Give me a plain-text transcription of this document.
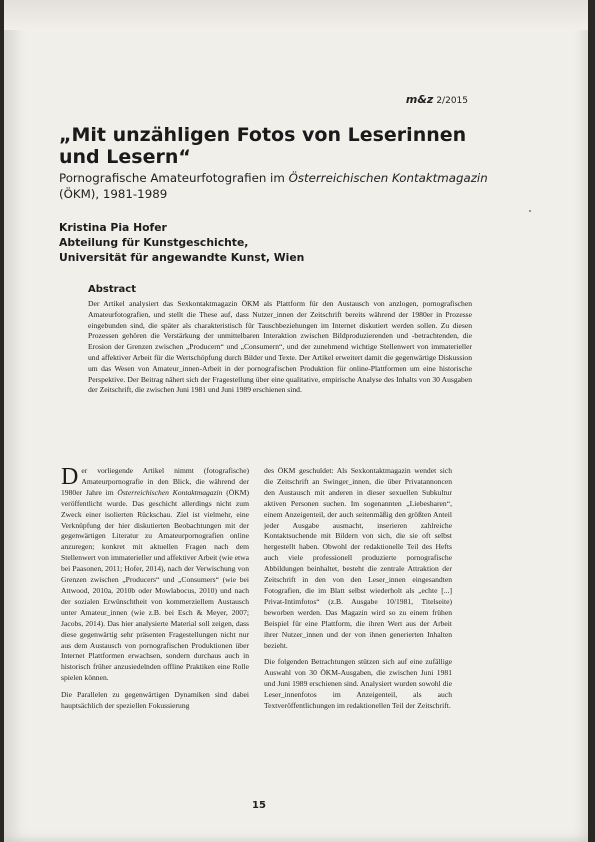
m&z 2/2015
„Mit unzähligen Fotos von Leserinnen und Lesern“
Pornografische Amateurfotografien im Österreichischen Kontaktmagazin (ÖKM), 1981-1989
Kristina Pia Hofer
Abteilung für Kunstgeschichte,
Universität für angewandte Kunst, Wien
Abstract
Der Artikel analysiert das Sexkontaktmagazin ÖKM als Plattform für den Austausch von anzlogen, pornografischen Amateurfotografien, und stellt die These auf, dass Nutzer_innen der Zeitschrift bereits während der 1980er in Prozesse eingebunden sind, die später als charakteristisch für Tauschbeziehungen im Internet diskutiert werden sollen. Zu diesen Prozessen gehören die Verstärkung der unmittelbaren Interaktion zwischen Bildproduzierenden und -betrachtenden, die Erosion der Grenzen zwischen „Producern“ und „Consumern“, und der zunehmend wichtige Stellenwert von immaterieller und affektiver Arbeit für die Wertschöpfung durch Bilder und Texte. Der Artikel erweitert damit die gegenwärtige Diskussion um das Wesen von Amateur_innen-Arbeit in der pornografischen Produktion für online-Plattformen um eine historische Perspektive. Der Beitrag nähert sich der Fragestellung über eine qualitative, empirische Analyse des Inhalts von 30 Ausgaben der Zeitschrift, die zwischen Juni 1981 und Juni 1989 erschienen sind.

Der vorliegende Artikel nimmt (fotografische) Amateurpornografie in den Blick, die während der 1980er Jahre im Österreichischen Kontaktmagazin (ÖKM) veröffentlicht wurde. Das geschicht allerdings nicht zum Zweck einer isolierten Rückschau. Ziel ist vielmehr, eine Verknüpfung der hier diskutierten Beobachtungen mit der gegenwärtigen Literatur zu Amateurpornografien online anzuregen; konkret mit aktuellen Fragen nach dem Stellenwert von immaterieller und affektiver Arbeit (wie etwa bei Paasonen, 2011; Hofer, 2014), nach der Verwischung von Grenzen zwischen „Producers“ und „Consumers“ (wie bei Attwood, 2010a, 2010b oder Mowlabocus, 2010) und nach der sozialen Erwünschtheit von kommerziellem Austausch unter Amateur_innen (wie z.B. bei Esch & Meyer, 2007; Jacobs, 2014). Das hier analysierte Material soll zeigen, dass diese gegenwärtig sehr präsenten Fragestellungen nicht nur aus dem Austausch von pornografischen Produktionen über Internet Plattformen erwachsen, sondern durchaus auch in historisch früher anzusiedelnden offline Praktiken eine Rolle spielen können.

Die Parallelen zu gegenwärtigen Dynamiken sind dabei hauptsächlich der speziellen Fokussierung

des ÖKM geschuldet: Als Sexkontaktmagazin wendet sich die Zeitschrift an Swinger_innen, die über Privatannoncen den Austausch mit anderen in dieser sexuellen Subkultur aktiven Personen suchen. Im sogenannten „Liebesharen“, einem Anzeigenteil, der auch seitenmäßig den größten Anteil jeder Ausgabe ausmacht, inserieren zahlreiche Kontaktsuchende mit Bildern von sich, die sie oft selbst hergestellt haben. Obwohl der redaktionelle Teil des Hefts auch viele professionell produzierte pornografische Abbildungen beinhaltet, besteht die zentrale Attraktion der Zeitschrift in den von den Leser_innen eingesandten Fotografien, die im Blatt selbst wiederholt als „echte [...] Privat-Intimfotos“ (z.B. Ausgabe 10/1981, Titelseite) beworben werden. Das Magazin wird so zu einem frühen Beispiel für eine Plattform, die ihren Wert aus der Arbeit ihrer Nutzer_innen und der von ihnen generierten Inhalten bezieht.

Die folgenden Betrachtungen stützen sich auf eine zufällige Auswahl von 30 ÖKM-Ausgaben, die zwischen Juni 1981 und Juni 1989 erschienen sind. Analysiert wurden sowohl die Leser_innenfotos im Anzeigenteil, als auch Textveröffentlichungen im redaktionellen Teil der Zeitschrift.

15
